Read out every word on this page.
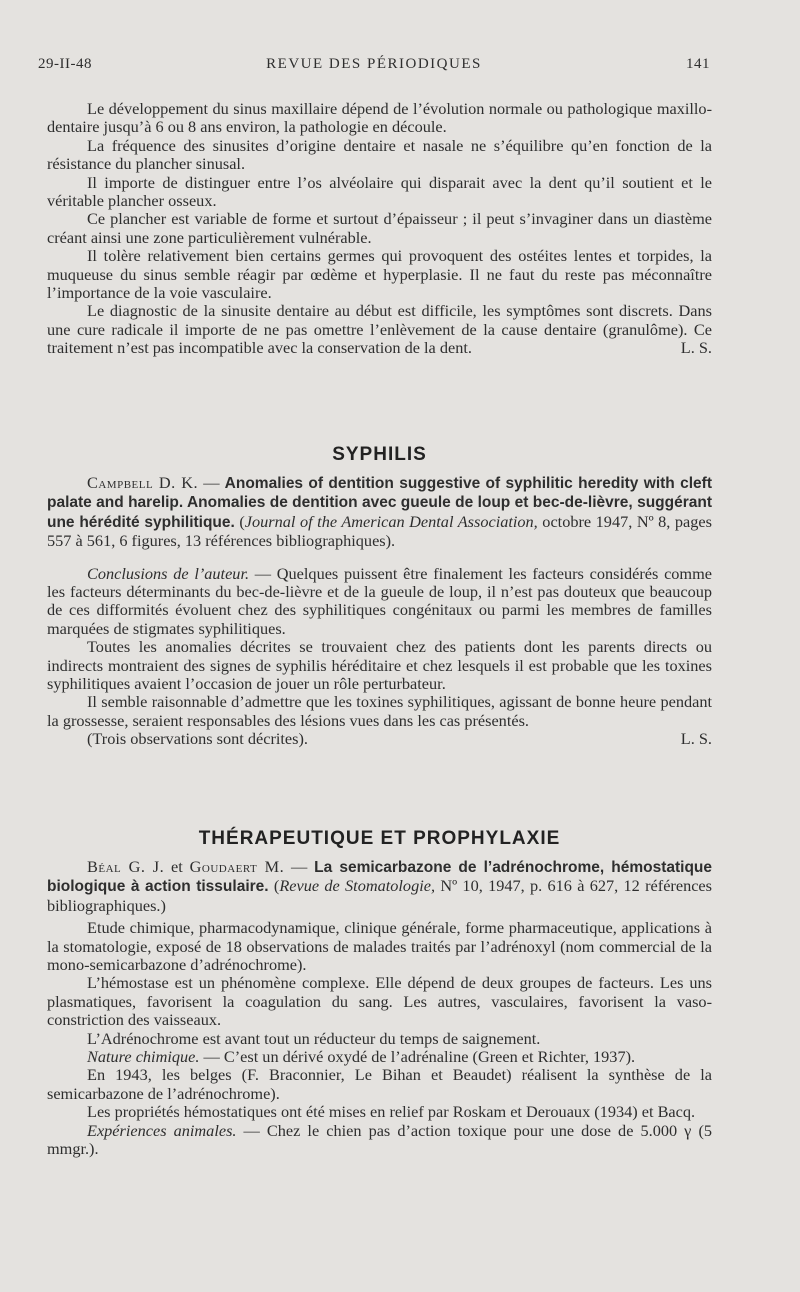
29-II-48	REVUE DES PÉRIODIQUES	141

Le développement du sinus maxillaire dépend de l’évolution normale ou pathologique maxillo-dentaire jusqu’à 6 ou 8 ans environ, la pathologie en découle.

La fréquence des sinusites d’origine dentaire et nasale ne s’équilibre qu’en fonction de la résistance du plancher sinusal.

Il importe de distinguer entre l’os alvéolaire qui disparait avec la dent qu’il soutient et le véritable plancher osseux.

Ce plancher est variable de forme et surtout d’épaisseur ; il peut s’invaginer dans un diastème créant ainsi une zone particulièrement vulnérable.

Il tolère relativement bien certains germes qui provoquent des ostéites lentes et torpides, la muqueuse du sinus semble réagir par œdème et hyperplasie. Il ne faut du reste pas méconnaître l’importance de la voie vasculaire.

Le diagnostic de la sinusite dentaire au début est difficile, les symptômes sont discrets. Dans une cure radicale il importe de ne pas omettre l’enlèvement de la cause dentaire (granulôme). Ce traitement n’est pas incompatible avec la conservation de la dent.	L. S.

SYPHILIS

Campbell D. K. — Anomalies of dentition suggestive of syphilitic heredity with cleft palate and harelip. Anomalies de dentition avec gueule de loup et bec-de-lièvre, suggérant une hérédité syphilitique. (Journal of the American Dental Association, octobre 1947, Nº 8, pages 557 à 561, 6 figures, 13 références bibliographiques).

Conclusions de l’auteur. — Quelques puissent être finalement les facteurs considérés comme les facteurs déterminants du bec-de-lièvre et de la gueule de loup, il n’est pas douteux que beaucoup de ces difformités évoluent chez des syphilitiques congénitaux ou parmi les membres de familles marquées de stigmates syphilitiques.

Toutes les anomalies décrites se trouvaient chez des patients dont les parents directs ou indirects montraient des signes de syphilis héréditaire et chez lesquels il est probable que les toxines syphilitiques avaient l’occasion de jouer un rôle perturbateur.

Il semble raisonnable d’admettre que les toxines syphilitiques, agissant de bonne heure pendant la grossesse, seraient responsables des lésions vues dans les cas présentés.

(Trois observations sont décrites).	L. S.

THÉRAPEUTIQUE ET PROPHYLAXIE

Béal G. J. et Goudaert M. — La semicarbazone de l’adrénochrome, hémostatique biologique à action tissulaire. (Revue de Stomatologie, Nº 10, 1947, p. 616 à 627, 12 références bibliographiques.)

Etude chimique, pharmacodynamique, clinique générale, forme pharmaceutique, applications à la stomatologie, exposé de 18 observations de malades traités par l’adrénoxyl (nom commercial de la mono-semicarbazone d’adrénochrome).

L’hémostase est un phénomène complexe. Elle dépend de deux groupes de facteurs. Les uns plasmatiques, favorisent la coagulation du sang. Les autres, vasculaires, favorisent la vaso-constriction des vaisseaux.

L’Adrénochrome est avant tout un réducteur du temps de saignement.

Nature chimique. — C’est un dérivé oxydé de l’adrénaline (Green et Richter, 1937).

En 1943, les belges (F. Braconnier, Le Bihan et Beaudet) réalisent la synthèse de la semicarbazone de l’adrénochrome).

Les propriétés hémostatiques ont été mises en relief par Roskam et Derouaux (1934) et Bacq.

Expériences animales. — Chez le chien pas d’action toxique pour une dose de 5.000 γ (5 mmgr.).
